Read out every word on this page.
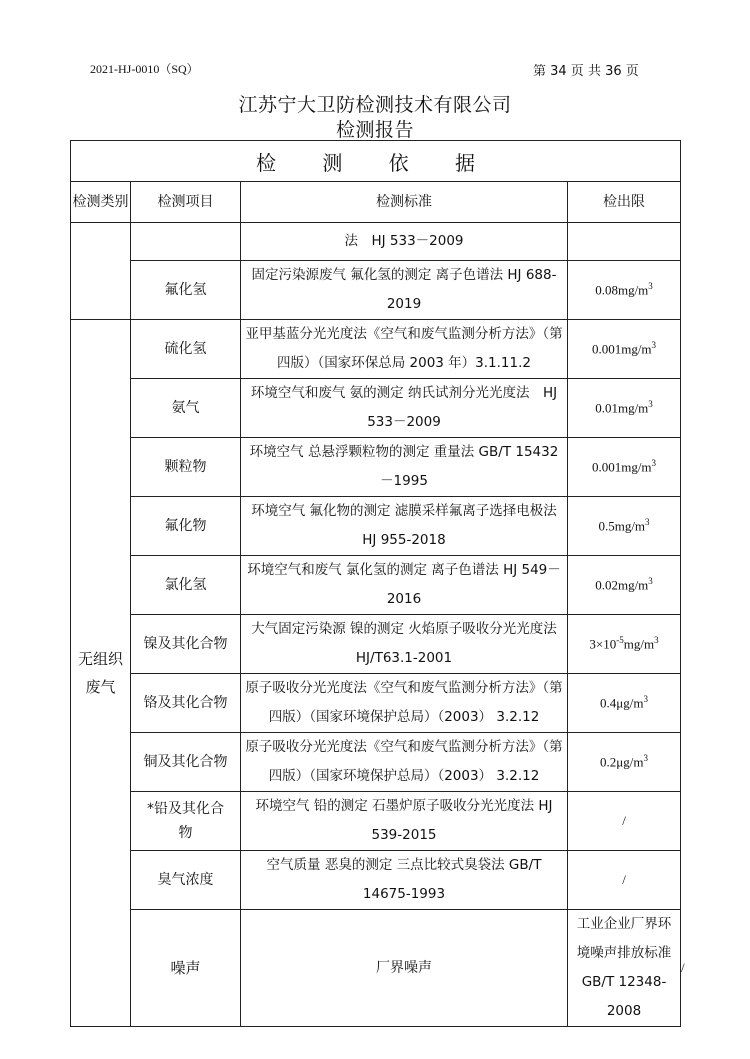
2021-HJ-0010（SQ）	第 34 页 共 36 页
江苏宁大卫防检测技术有限公司
检测报告
检 测 依 据				
检测类别	检测项目	检测标准	检出限	
		法　HJ 533－2009		
	氟化氢	固定污染源废气 氟化氢的测定 离子色谱法 HJ 688-2019	$0.08mg/m^3$
无组织废气	硫化氢	亚甲基蓝分光光度法《空气和废气监测分析方法》（第四版）（国家环保总局 2003 年）3.1.11.2	$0.001mg/m^3$
	氨气	环境空气和废气 氨的测定 纳氏试剂分光光度法　HJ 533－2009	$0.01mg/m^3$
	颗粒物	环境空气 总悬浮颗粒物的测定 重量法 GB/T 15432－1995	$0.001mg/m^3$
	氟化物	环境空气 氟化物的测定 滤膜采样氟离子选择电极法 HJ 955-2018	$0.5mg/m^3$
	氯化氢	环境空气和废气 氯化氢的测定 离子色谱法 HJ 549－2016	$0.02mg/m^3$
	镍及其化合物	大气固定污染源 镍的测定 火焰原子吸收分光光度法 HJ/T63.1-2001	$3\times 10^{-5}mg/m^3$
	铬及其化合物	原子吸收分光光度法《空气和废气监测分析方法》（第四版）（国家环境保护总局）（2003） 3.2.12	$0.4\mu g/m^3$
	铜及其化合物	原子吸收分光光度法《空气和废气监测分析方法》（第四版）（国家环境保护总局）（2003） 3.2.12	$0.2\mu g/m^3$
	*铅及其化合物	环境空气 铅的测定 石墨炉原子吸收分光光度法 HJ 539-2015	/	
	臭气浓度	空气质量 恶臭的测定 三点比较式臭袋法 GB/T 14675-1993	/	
	噪声	厂界噪声	工业企业厂界环境噪声排放标准 GB/T 12348-2008	/
